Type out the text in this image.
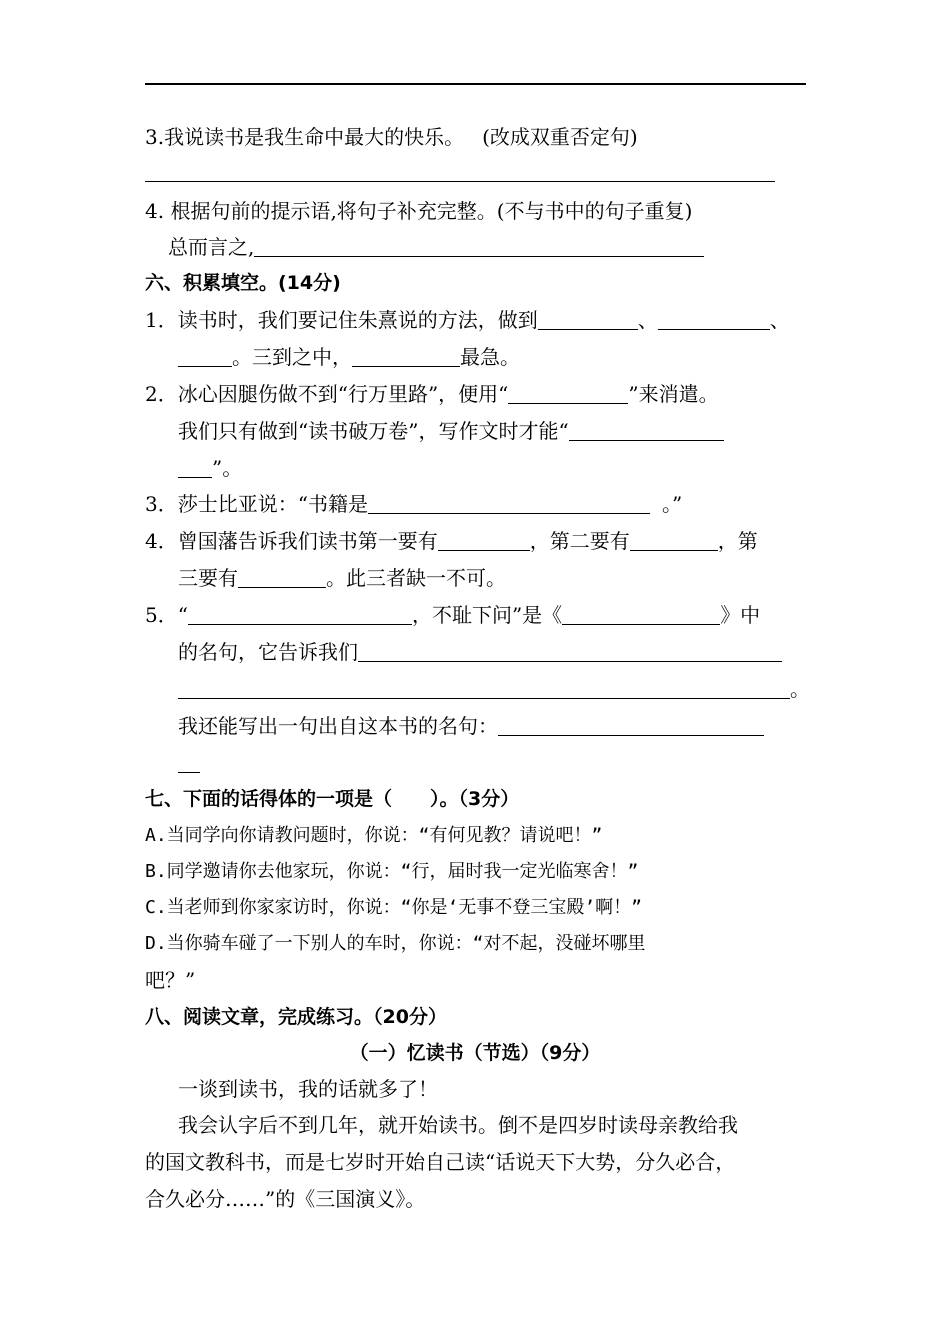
3.我说读书是我生命中最大的快乐。 (改成双重否定句)
4. 根据句前的提示语,将句子补充完整。(不与书中的句子重复)
总而言之,
六、积累填空。(14分)
1．读书时，我们要记住朱熹说的方法，做到	、	、
。三到之中，	最急。
2．冰心因腿伤做不到“行万里路”，便用“	”来消遣。
我们只有做到“读书破万卷”，写作文时才能“
”。
3．莎士比亚说：“书籍是	。”
4．曾国藩告诉我们读书第一要有	，第二要有	，第
三要有	。此三者缺一不可。
5．“	，不耻下问”是《	》中
的名句，它告诉我们
。
我还能写出一句出自这本书的名句：
七、下面的话得体的一项是（　　）。（3分）
A.当同学向你请教问题时，你说：“有何见教？请说吧！”
B.同学邀请你去他家玩，你说：“行，届时我一定光临寒舍！”
C.当老师到你家家访时，你说：“你是‘无事不登三宝殿’啊！”
D.当你骑车碰了一下别人的车时，你说：“对不起，没碰坏哪里
吧？”
八、阅读文章，完成练习。（20分）
（一）忆读书（节选）（9分）
一谈到读书，我的话就多了！
我会认字后不到几年，就开始读书。倒不是四岁时读母亲教给我
的国文教科书，而是七岁时开始自己读“话说天下大势，分久必合，
合久必分……”的《三国演义》。
